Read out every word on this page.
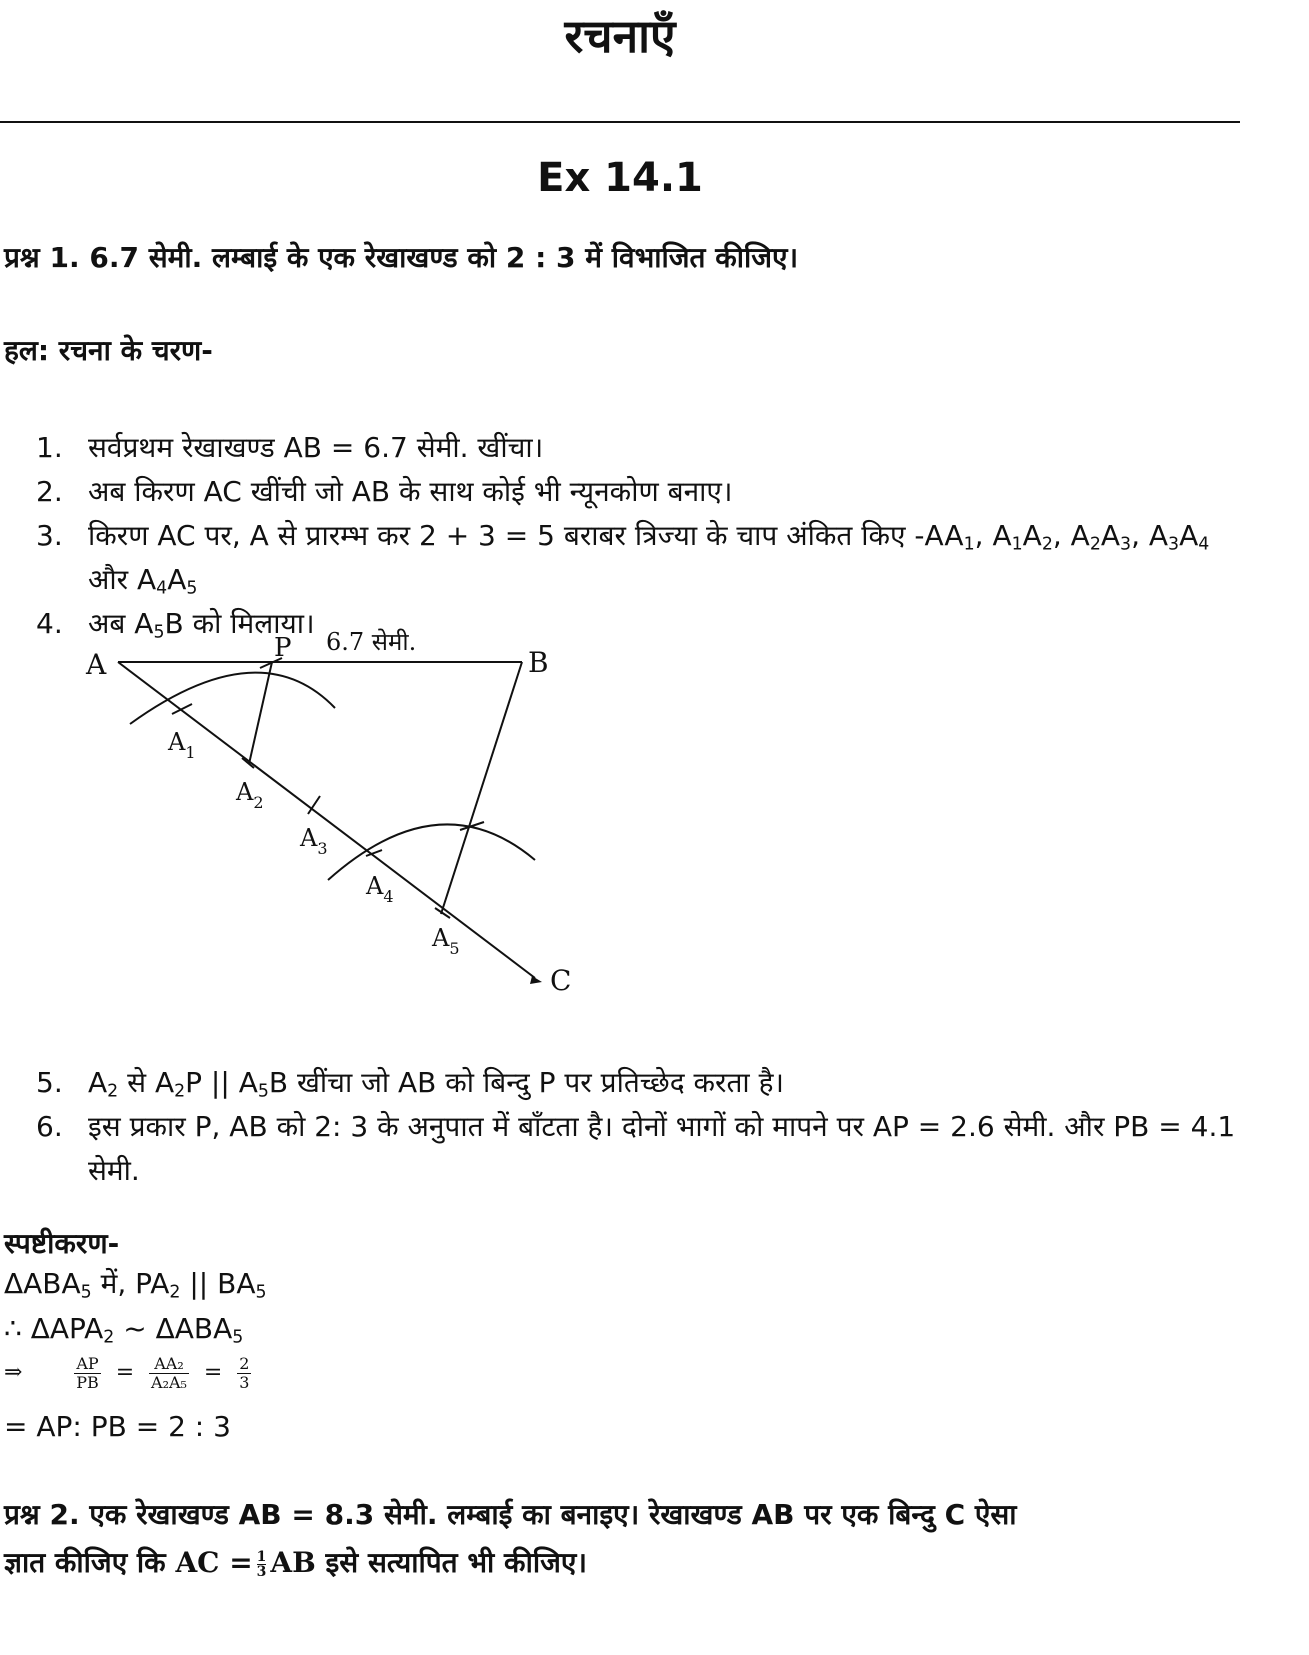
रचनाएँ
Ex 14.1
प्रश्न 1. 6.7 सेमी. लम्बाई के एक रेखाखण्ड को 2 : 3 में विभाजित कीजिए।
हल: रचना के चरण-
1. सर्वप्रथम रेखाखण्ड AB = 6.7 सेमी. खींचा।
2. अब किरण AC खींची जो AB के साथ कोई भी न्यूनकोण बनाए।
3. किरण AC पर, A से प्रारम्भ कर 2 + 3 = 5 बराबर त्रिज्या के चाप अंकित किए $-AA_1$, $A_1A_2$, $A_2A_3$, $A_3A_4$ और $A_4A_5$
4. अब $A_5B$ को मिलाया।
A	B
C
P 6.7 सेमी.
$A_1$
$A_2$
$A_3$
$A_4$
$A_5$
5. $A_2$ से $A_2P$ || $A_5B$ खींचा जो AB को बिन्दु P पर प्रतिच्छेद करता है।
6. इस प्रकार P, AB को 2: 3 के अनुपात में बाँटता है। दोनों भागों को मापने पर AP = 2.6 सेमी. और PB = 4.1 सेमी.
स्पष्टीकरण-
$\Delta ABA_5$ में, $PA_2$ || $BA_5$
∴ $\Delta APA_2$ ~ $\Delta ABA_5$
⇒	$\frac{AP}{PB} = \frac{\text{AA₂}}{\text{A₂A₅}} = \frac{2}{3}$
= AP: PB = 2 : 3
प्रश्न 2. एक रेखाखण्ड AB = 8.3 सेमी. लम्बाई का बनाइए। रेखाखण्ड AB पर एक बिन्दु C ऐसा
ज्ञात कीजिए कि AC = $\frac{1}{3}$ AB इसे सत्यापित भी कीजिए।
